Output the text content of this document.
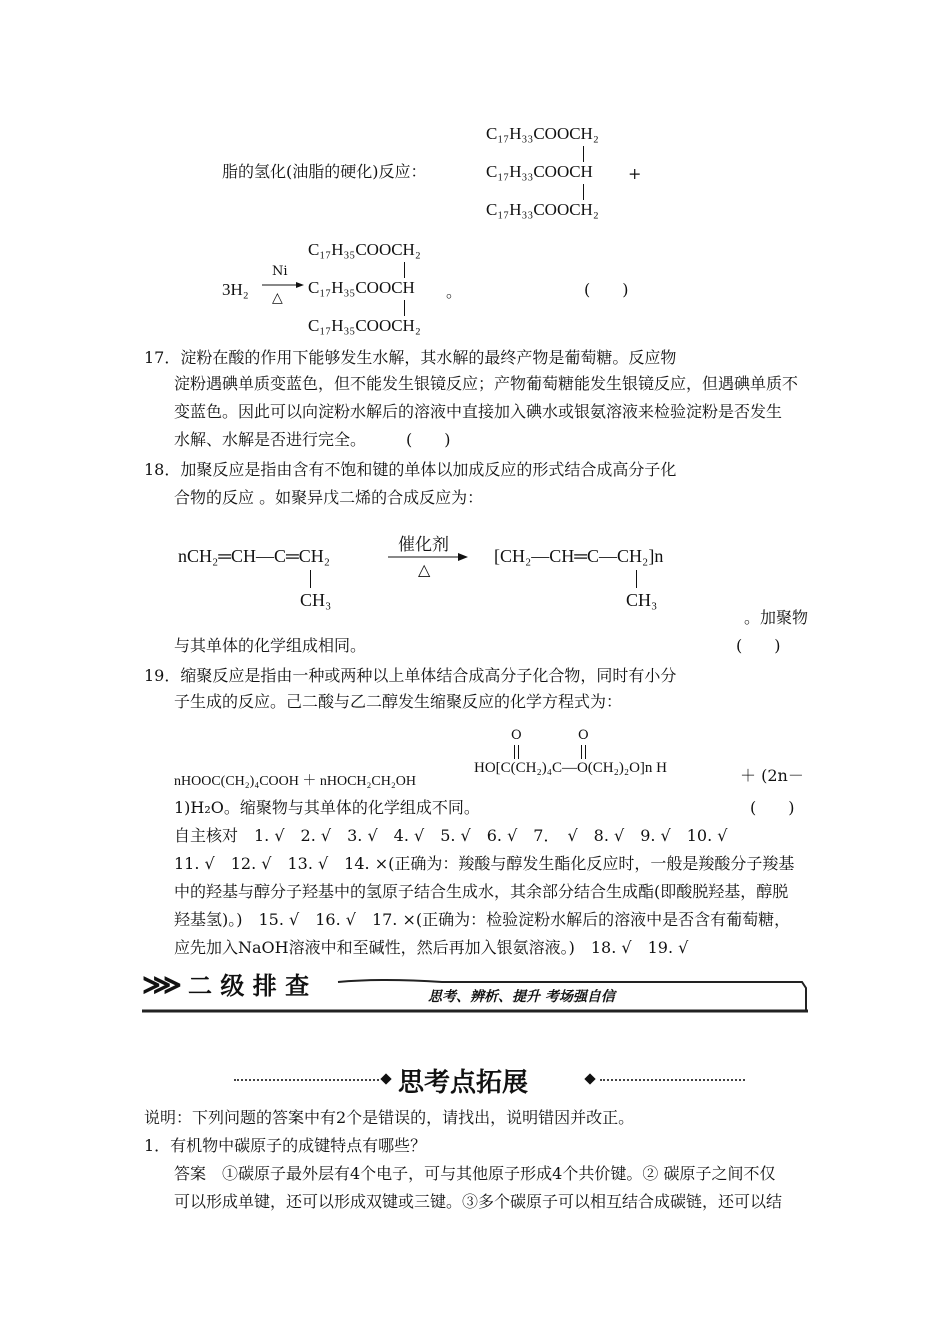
脂的氢化(油脂的硬化)反应：
C₁₇H₃₃COOCH₂
C₁₇H₃₃COOCH
C₁₇H₃₃COOCH₂
+
3H₂
Ni
△
C₁₇H₃₅COOCH₂
C₁₇H₃₅COOCH
C₁₇H₃₅COOCH₂
。	(　　)
17．淀粉在酸的作用下能够发生水解，其水解的最终产物是葡萄糖。反应物
淀粉遇碘单质变蓝色，但不能发生银镜反应；产物葡萄糖能发生银镜反应，但遇碘单质不
变蓝色。因此可以向淀粉水解后的溶液中直接加入碘水或银氨溶液来检验淀粉是否发生
水解、水解是否进行完全。　　　(　　)
18．加聚反应是指由含有不饱和键的单体以加成反应的形式结合成高分子化
合物的反应 。如聚异戊二烯的合成反应为：
nCH₂═CH—C═CH₂
CH₃
催化剂
△
[CH₂—CH═C—CH₂]n
CH₃
。加聚物
与其单体的化学组成相同。	(　　)
19．缩聚反应是指由一种或两种以上单体结合成高分子化合物，同时有小分
子生成的反应。己二酸与乙二醇发生缩聚反应的化学方程式为：
O	O
nHOOC(CH₂)₄COOH ＋ nHOCH₂CH₂OH
HO[C(CH₂)₄C—O(CH₂)₂O]n H	＋ (2n－
1)H₂O。缩聚物与其单体的化学组成不同。	(　　)
自主核对　1. √　2. √　3. √　4. √　5. √　6. √　7．　√　8. √　9. √　10. √
11. √　12. √　13. √　14. ×(正确为：羧酸与醇发生酯化反应时，一般是羧酸分子羧基
中的羟基与醇分子羟基中的氢原子结合生成水，其余部分结合生成酯(即酸脱羟基，醇脱
羟基氢)。)　15. √　16. √　17. ×(正确为：检验淀粉水解后的溶液中是否含有葡萄糖，
应先加入NaOH溶液中和至碱性，然后再加入银氨溶液。)　18. √　19. √
⋙ 二 级 排 查	思考、辨析、提升 考场强自信
思考点拓展
说明：下列问题的答案中有2个是错误的，请找出，说明错因并改正。
1．有机物中碳原子的成键特点有哪些？
答案　①碳原子最外层有4个电子，可与其他原子形成4个共价键。② 碳原子之间不仅
可以形成单键，还可以形成双键或三键。③多个碳原子可以相互结合成碳链，还可以结
